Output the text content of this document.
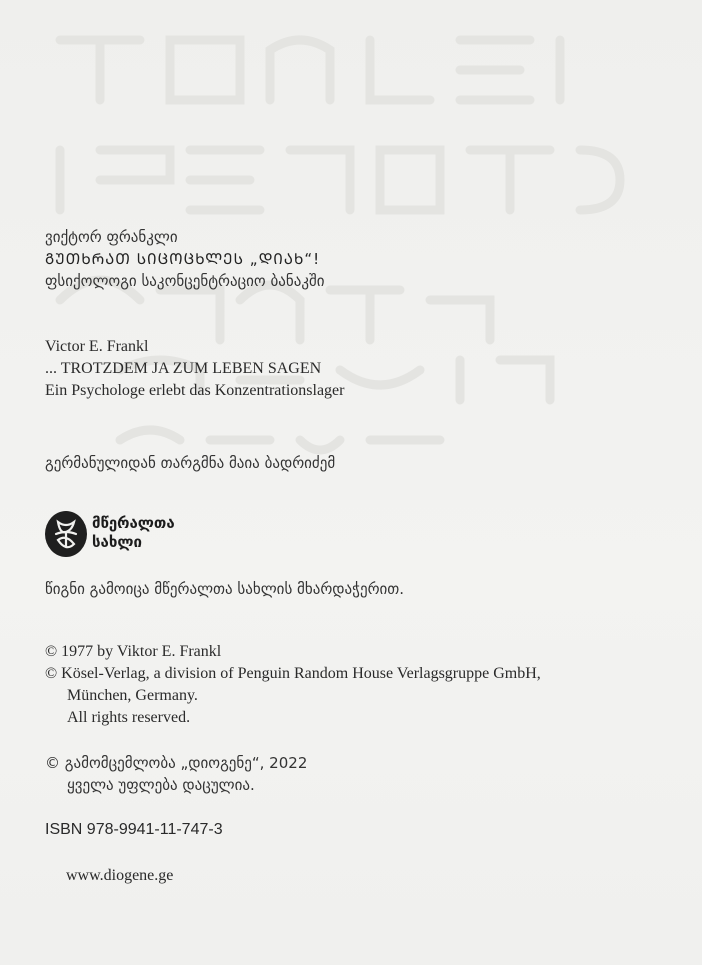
ვიქტორ ფრანკლი
ᲒᲣᲗᲮᲠᲐᲗ ᲡᲘᲪᲝᲪᲮᲚᲔᲡ „ᲓᲘᲐᲮ“!
ფსიქოლოგი საკონცენტრაციო ბანაკში
Victor E. Frankl
... TROTZDEM JA ZUM LEBEN SAGEN
Ein Psychologe erlebt das Konzentrationslager
გერმანულიდან თარგმნა მაია ბადრიძემ
მწერალთა
სახლი
წიგნი გამოიცა მწერალთა სახლის მხარდაჭერით.
© 1977 by Viktor E. Frankl
© Kösel-Verlag, a division of Penguin Random House Verlagsgruppe GmbH,
München, Germany.
All rights reserved.
© გამომცემლობა „დიოგენე“, 2022
ყველა უფლება დაცულია.
ISBN 978-9941-11-747-3
www.diogene.ge
